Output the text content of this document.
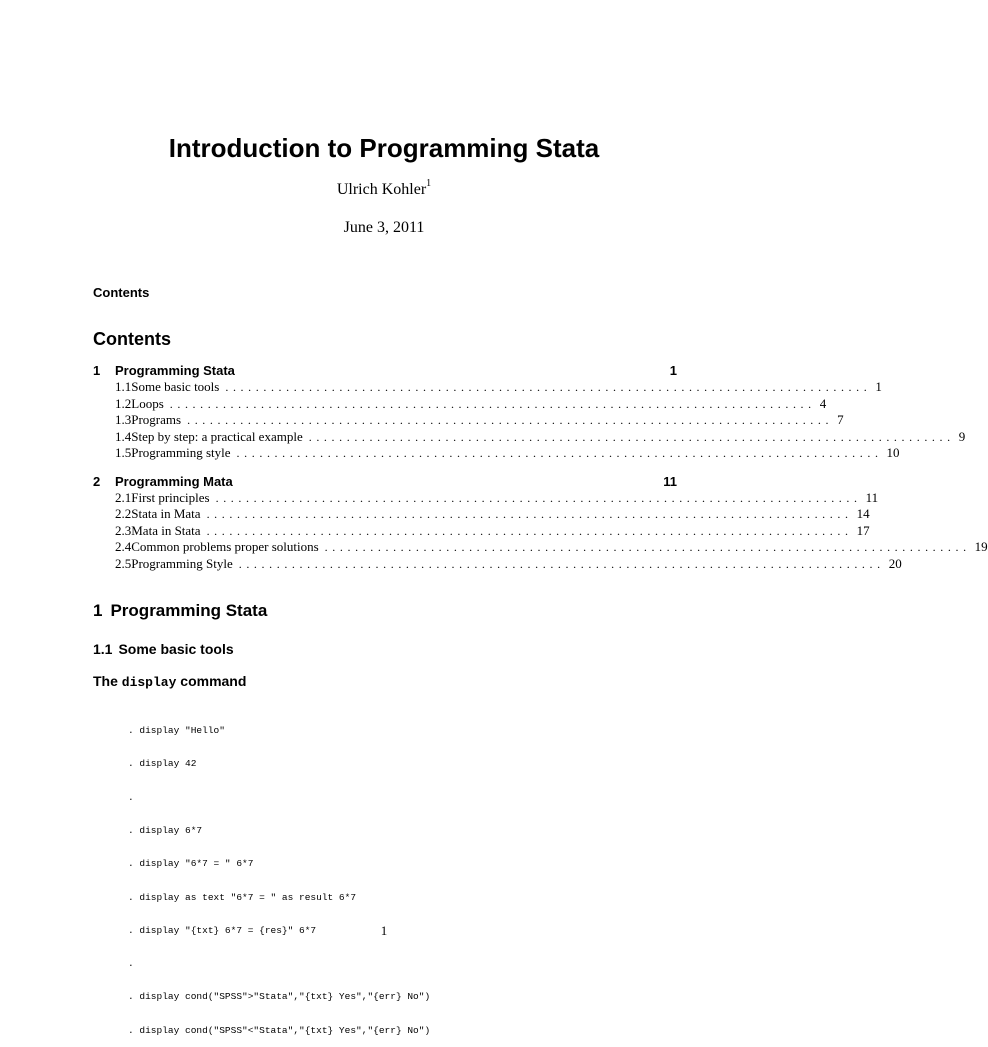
Introduction to Programming Stata
Ulrich Kohler$^1$
June 3, 2011
Contents
Contents
1	Programming Stata	1
1.1 Some basic tools ..................................................................................... 1
1.2 Loops ..................................................................................... 4
1.3 Programs ..................................................................................... 7
1.4 Step by step: a practical example ..................................................................................... 9
1.5 Programming style ..................................................................................... 10
2	Programming Mata	11
2.1 First principles ..................................................................................... 11
2.2 Stata in Mata ..................................................................................... 14
2.3 Mata in Stata ..................................................................................... 17
2.4 Common problems proper solutions ..................................................................................... 19
2.5 Programming Style ..................................................................................... 20
1 Programming Stata
1.1 Some basic tools
The display command

. display "Hello"

. display 42

.

. display 6*7

. display "6*7 = " 6*7

. display as text "6*7 = " as result 6*7

. display "{txt} 6*7 = {res}" 6*7

.

. display cond("SPSS">"Stata","{txt} Yes","{err} No")

. display cond("SPSS"<"Stata","{txt} Yes","{err} No")

1
